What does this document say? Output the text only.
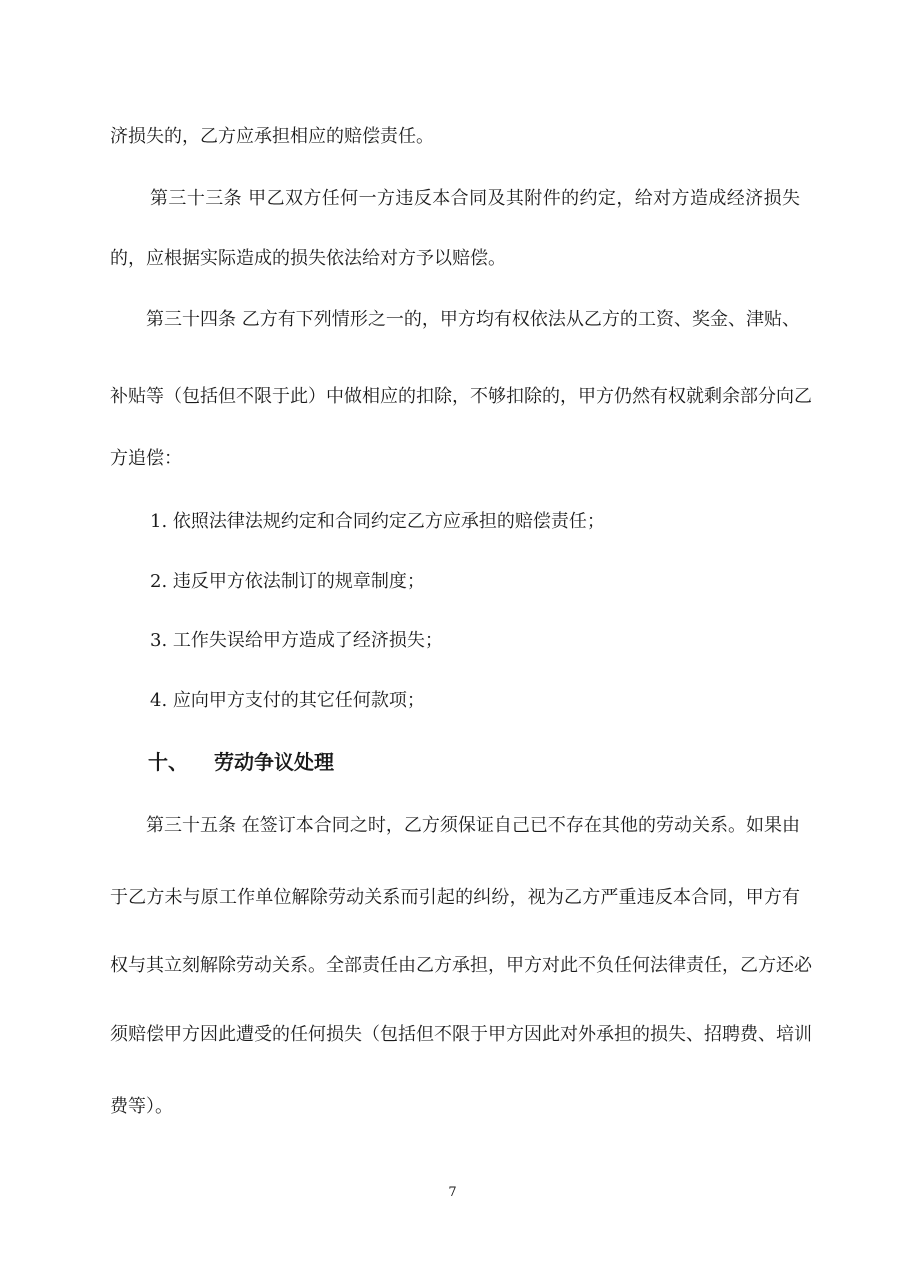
济损失的，乙方应承担相应的赔偿责任。
第三十三条 甲乙双方任何一方违反本合同及其附件的约定，给对方造成经济损失
的，应根据实际造成的损失依法给对方予以赔偿。
第三十四条 乙方有下列情形之一的，甲方均有权依法从乙方的工资、奖金、津贴、
补贴等（包括但不限于此）中做相应的扣除，不够扣除的，甲方仍然有权就剩余部分向乙
方追偿：
1. 依照法律法规约定和合同约定乙方应承担的赔偿责任；
2. 违反甲方依法制订的规章制度；
3. 工作失误给甲方造成了经济损失；
4. 应向甲方支付的其它任何款项；
十、 劳动争议处理
第三十五条 在签订本合同之时，乙方须保证自己已不存在其他的劳动关系。如果由
于乙方未与原工作单位解除劳动关系而引起的纠纷，视为乙方严重违反本合同，甲方有
权与其立刻解除劳动关系。全部责任由乙方承担，甲方对此不负任何法律责任，乙方还必
须赔偿甲方因此遭受的任何损失（包括但不限于甲方因此对外承担的损失、招聘费、培训
费等）。
7
